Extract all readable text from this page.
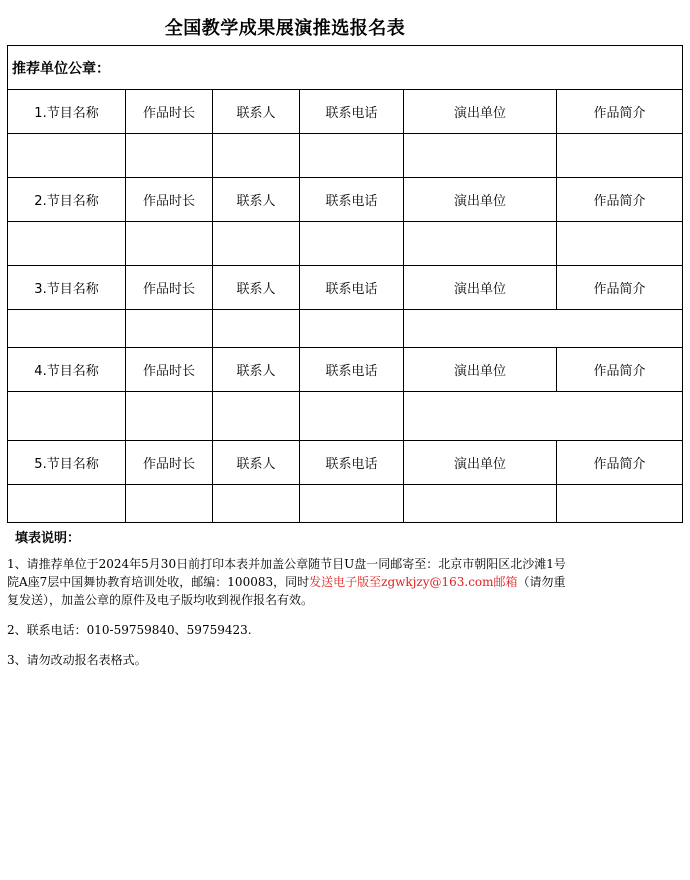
全国教学成果展演推选报名表
推荐单位公章：					
1.节目名称	作品时长	联系人	联系电话	演出单位	作品简介

2.节目名称	作品时长	联系人	联系电话	演出单位	作品简介

3.节目名称	作品时长	联系人	联系电话	演出单位	作品简介

4.节目名称	作品时长	联系人	联系电话	演出单位	作品简介

5.节目名称	作品时长	联系人	联系电话	演出单位	作品简介

填表说明：

1、请推荐单位于2024年5月30日前打印本表并加盖公章随节目U盘一同邮寄至：北京市朝阳区北沙滩1号院A座7层中国舞协教育培训处收，邮编：100083，同时发送电子版至zgwkjzy@163.com邮箱（请勿重复发送），加盖公章的原件及电子版均收到视作报名有效。

2、联系电话：010-59759840、59759423.

3、请勿改动报名表格式。
